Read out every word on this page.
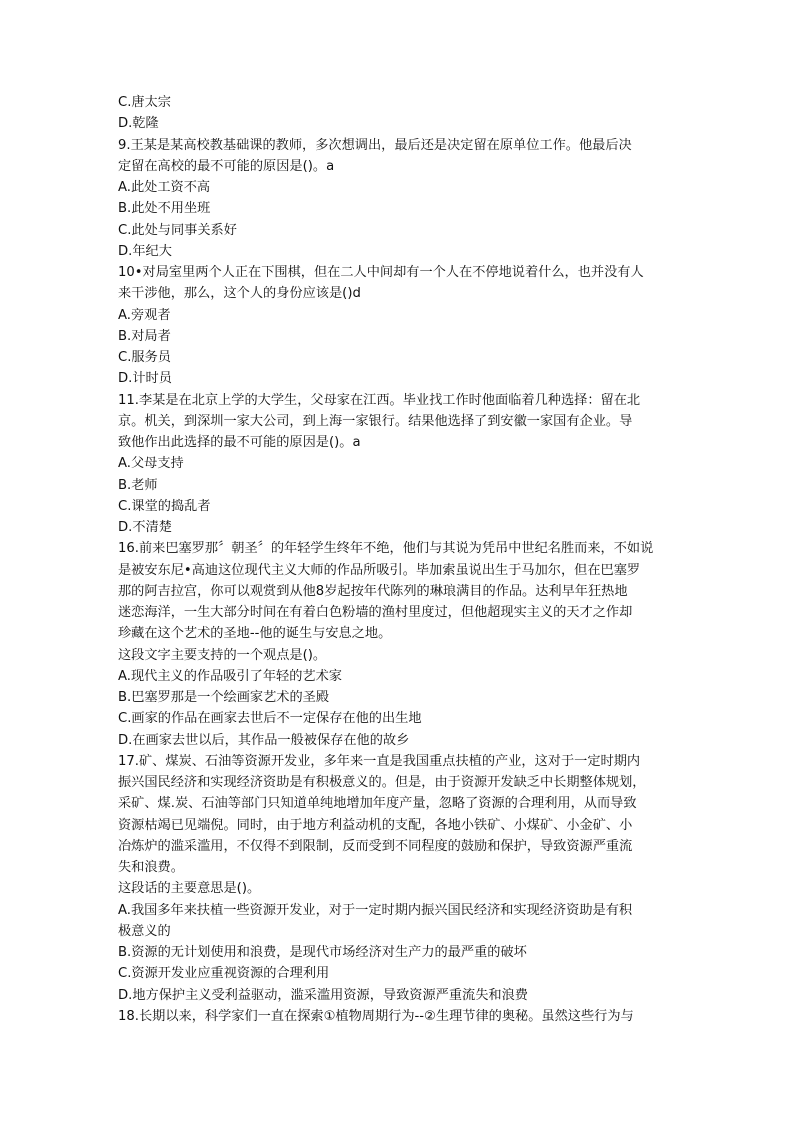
C.唐太宗
D.乾隆
9.王某是某高校教基础课的教师，多次想调出，最后还是决定留在原单位工作。他最后决
定留在高校的最不可能的原因是()。a
A.此处工资不高
B.此处不用坐班
C.此处与同事关系好
D.年纪大
10•对局室里两个人正在下围棋，但在二人中间却有一个人在不停地说着什么，也并没有人
来干涉他，那么，这个人的身份应该是()d
A.旁观者
B.对局者
C.服务员
D.计时员
11.李某是在北京上学的大学生，父母家在江西。毕业找工作时他面临着几种选择：留在北
京。机关，到深圳一家大公司，到上海一家银行。结果他选择了到安徽一家国有企业。导
致他作出此选择的最不可能的原因是()。a
A.父母支持
B.老师
C.课堂的捣乱者
D.不清楚
16.前来巴塞罗那〞朝圣〞的年轻学生终年不绝，他们与其说为凭吊中世纪名胜而来，不如说
是被安东尼•高迪这位现代主义大师的作品所吸引。毕加索虽说出生于马加尔，但在巴塞罗
那的阿吉拉宫，你可以观赏到从他8岁起按年代陈列的琳琅满目的作品。达利早年狂热地
迷恋海洋，一生大部分时间在有着白色粉墙的渔村里度过，但他超现实主义的天才之作却
珍藏在这个艺术的圣地--他的诞生与安息之地。
这段文字主要支持的一个观点是()。
A.现代主义的作品吸引了年轻的艺术家
B.巴塞罗那是一个绘画家艺术的圣殿
C.画家的作品在画家去世后不一定保存在他的出生地
D.在画家去世以后，其作品一般被保存在他的故乡
17.矿、煤炭、石油等资源开发业，多年来一直是我国重点扶植的产业，这对于一定时期内
振兴国民经济和实现经济资助是有积极意义的。但是，由于资源开发缺乏中长期整体规划，
采矿、煤.炭、石油等部门只知道单纯地增加年度产量，忽略了资源的合理利用，从而导致
资源枯竭已见端倪。同时，由于地方利益动机的支配，各地小铁矿、小煤矿、小金矿、小
冶炼炉的滥采滥用，不仅得不到限制，反而受到不同程度的鼓励和保护，导致资源严重流
失和浪费。
这段话的主要意思是()。
A.我国多年来扶植一些资源开发业，对于一定时期内振兴国民经济和实现经济资助是有积
极意义的
B.资源的无计划使用和浪费，是现代市场经济对生产力的最严重的破坏
C.资源开发业应重视资源的合理利用
D.地方保护主义受利益驱动，滥采滥用资源，导致资源严重流失和浪费
18.长期以来，科学家们一直在探索①植物周期行为--②生理节律的奥秘。虽然这些行为与
